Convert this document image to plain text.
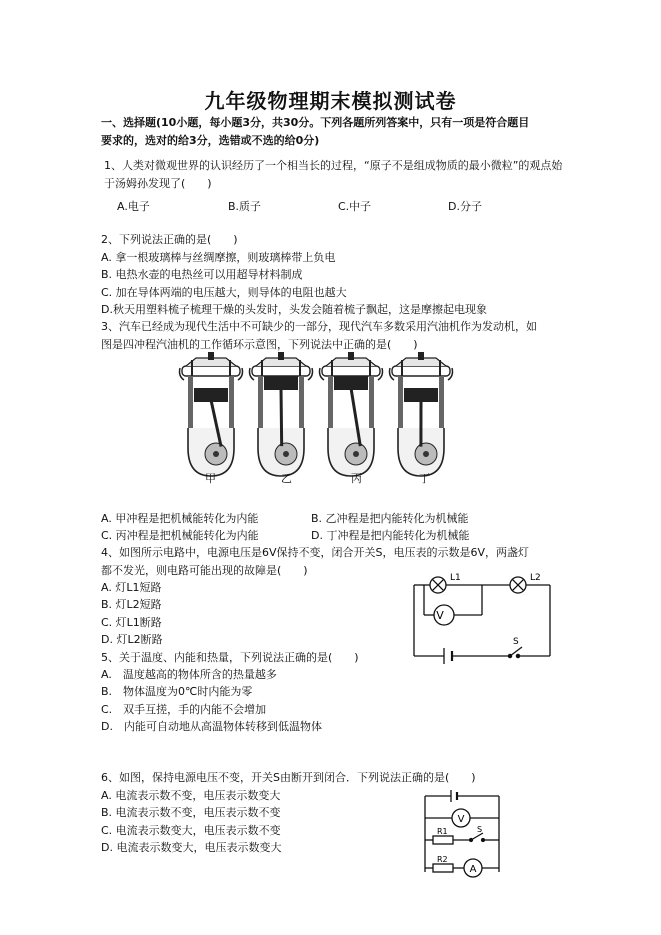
九年级物理期末模拟测试卷
一、选择题(10小题，每小题3分，共30分。下列各题所列答案中，只有一项是符合题目
要求的，选对的给3分，选错或不选的给0分)
1、人类对微观世界的认识经历了一个相当长的过程，“原子不是组成物质的最小微粒”的观点始
于汤姆孙发现了(　　)
A.电子	B.质子	C.中子	D.分子
2、下列说法正确的是(　　)
A. 拿一根玻璃棒与丝绸摩擦，则玻璃棒带上负电
B. 电热水壶的电热丝可以用超导材料制成
C. 加在导体两端的电压越大，则导体的电阻也越大
D.秋天用塑料梳子梳理干燥的头发时，头发会随着梳子飘起，这是摩擦起电现象
3、汽车已经成为现代生活中不可缺少的一部分，现代汽车多数采用汽油机作为发动机，如
图是四冲程汽油机的工作循环示意图，下列说法中正确的是(　　)
甲	乙	丙	丁
A. 甲冲程是把机械能转化为内能	B. 乙冲程是把内能转化为机械能
C. 丙冲程是把机械能转化为内能	D. 丁冲程是把内能转化为机械能
4、如图所示电路中，电源电压是6V保持不变，闭合开关S，电压表的示数是6V，两盏灯
都不发光，则电路可能出现的故障是(　　)
A. 灯L1短路
B. 灯L2短路
C. 灯L1断路
D. 灯L2断路
V
L1	L2
S
5、关于温度、内能和热量，下列说法正确的是(　　)
A.　温度越高的物体所含的热量越多
B.　物体温度为0℃时内能为零
C.　双手互搓，手的内能不会增加
D.　内能可自动地从高温物体转移到低温物体
6、如图，保持电源电压不变，开关S由断开到闭合．下列说法正确的是(　　)
A. 电流表示数不变，电压表示数变大
B. 电流表示数不变，电压表示数不变
C. 电流表示数变大，电压表示数不变
D. 电流表示数变大，电压表示数变大
V
R1	S
R2
A
